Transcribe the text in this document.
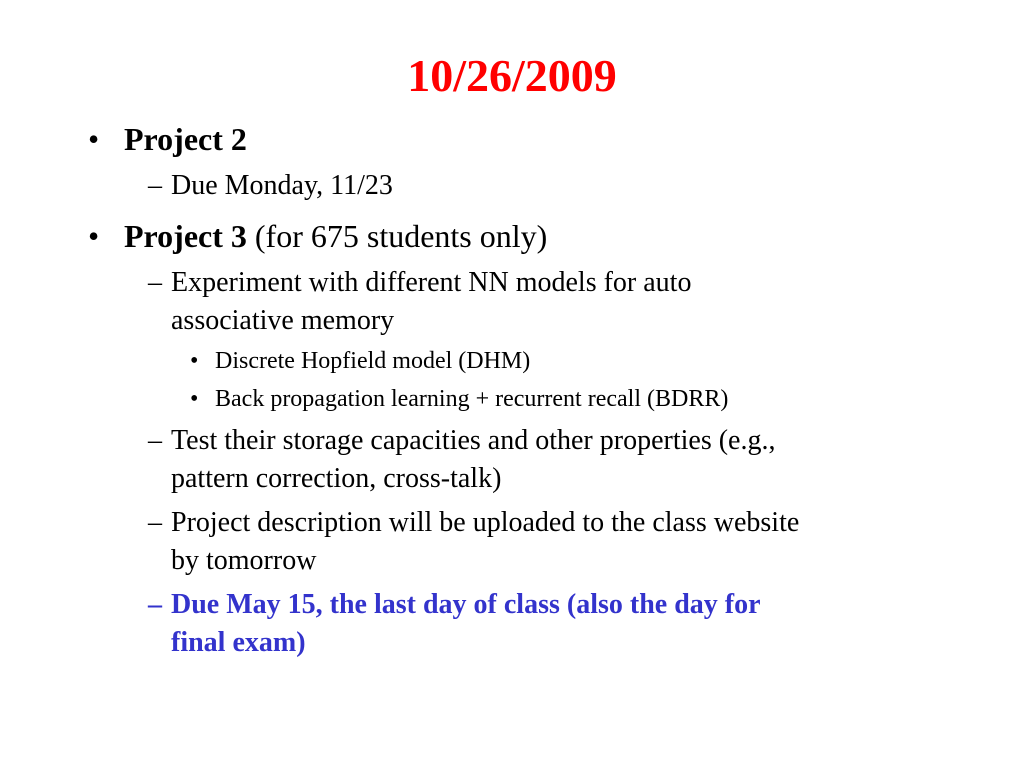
10/26/2009
• Project 2
– Due Monday, 11/23
• Project 3 (for 675 students only)
– Experiment with different NN models for auto
associative memory
• Discrete Hopfield model (DHM)
• Back propagation learning + recurrent recall (BDRR)
– Test their storage capacities and other properties (e.g.,
pattern correction, cross-talk)
– Project description will be uploaded to the class website
by tomorrow
– Due May 15, the last day of class (also the day for
final exam)
